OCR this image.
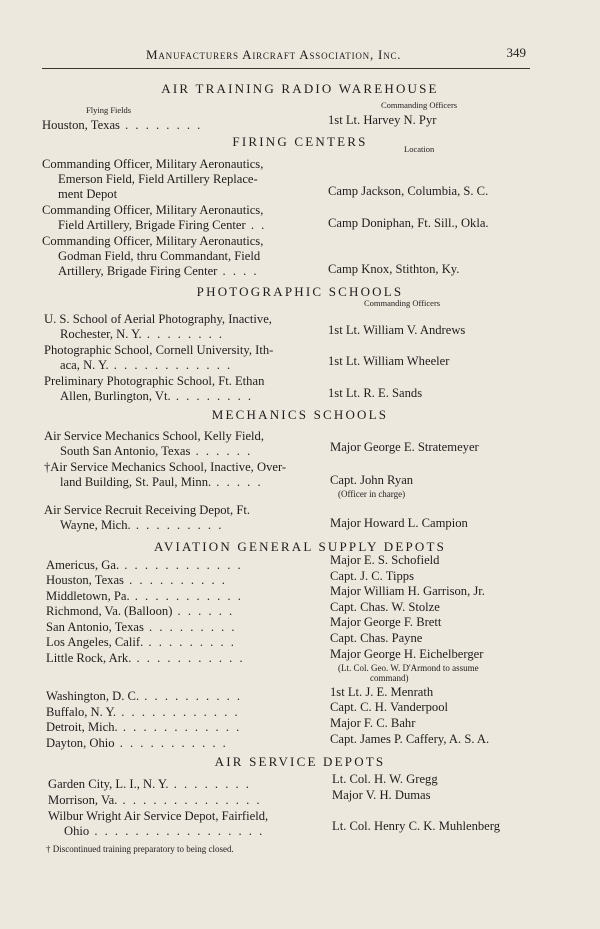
Manufacturers Aircraft Association, Inc.	349
AIR TRAINING RADIO WAREHOUSE
Flying Fields	Commanding Officers
Houston, Texas . . . . . . . .	1st Lt. Harvey N. Pyr
FIRING CENTERS	Location
Commanding Officer, Military Aeronautics,
Emerson Field, Field Artillery Replace-
ment Depot	Camp Jackson, Columbia, S. C.
Commanding Officer, Military Aeronautics,
Field Artillery, Brigade Firing Center . .	Camp Doniphan, Ft. Sill., Okla.
Commanding Officer, Military Aeronautics,
Godman Field, thru Commandant, Field
Artillery, Brigade Firing Center . . . .	Camp Knox, Stithton, Ky.
PHOTOGRAPHIC SCHOOLS
Commanding Officers
U. S. School of Aerial Photography, Inactive,
Rochester, N. Y. . . . . . . . .	1st Lt. William V. Andrews
Photographic School, Cornell University, Ith-
aca, N. Y. . . . . . . . . . . . .	1st Lt. William Wheeler
Preliminary Photographic School, Ft. Ethan
Allen, Burlington, Vt. . . . . . . . .	1st Lt. R. E. Sands
MECHANICS SCHOOLS
Air Service Mechanics School, Kelly Field,
South San Antonio, Texas . . . . . .	Major George E. Stratemeyer
†Air Service Mechanics School, Inactive, Over-
land Building, St. Paul, Minn. . . . . .	Capt. John Ryan
(Officer in charge)
Air Service Recruit Receiving Depot, Ft.
Wayne, Mich. . . . . . . . . .	Major Howard L. Campion
AVIATION GENERAL SUPPLY DEPOTS
Americus, Ga. . . . . . . . . . . . .	Major E. S. Schofield
Houston, Texas . . . . . . . . . .	Capt. J. C. Tipps
Middletown, Pa. . . . . . . . . . . .	Major William H. Garrison, Jr.
Richmond, Va. (Balloon) . . . . . .	Capt. Chas. W. Stolze
San Antonio, Texas . . . . . . . . .	Major George F. Brett
Los Angeles, Calif. . . . . . . . . .	Capt. Chas. Payne
Little Rock, Ark. . . . . . . . . . . .	Major George H. Eichelberger
(Lt. Col. Geo. W. D'Armond to assume
command)
Washington, D. C. . . . . . . . . . .	1st Lt. J. E. Menrath
Buffalo, N. Y. . . . . . . . . . . . .	Capt. C. H. Vanderpool
Detroit, Mich. . . . . . . . . . . . .	Major F. C. Bahr
Dayton, Ohio . . . . . . . . . . .	Capt. James P. Caffery, A. S. A.
AIR SERVICE DEPOTS
Garden City, L. I., N. Y. . . . . . . . .	Lt. Col. H. W. Gregg
Morrison, Va. . . . . . . . . . . . . . .	Major V. H. Dumas
Wilbur Wright Air Service Depot, Fairfield,
Ohio . . . . . . . . . . . . . . . . .	Lt. Col. Henry C. K. Muhlenberg
† Discontinued training preparatory to being closed.
